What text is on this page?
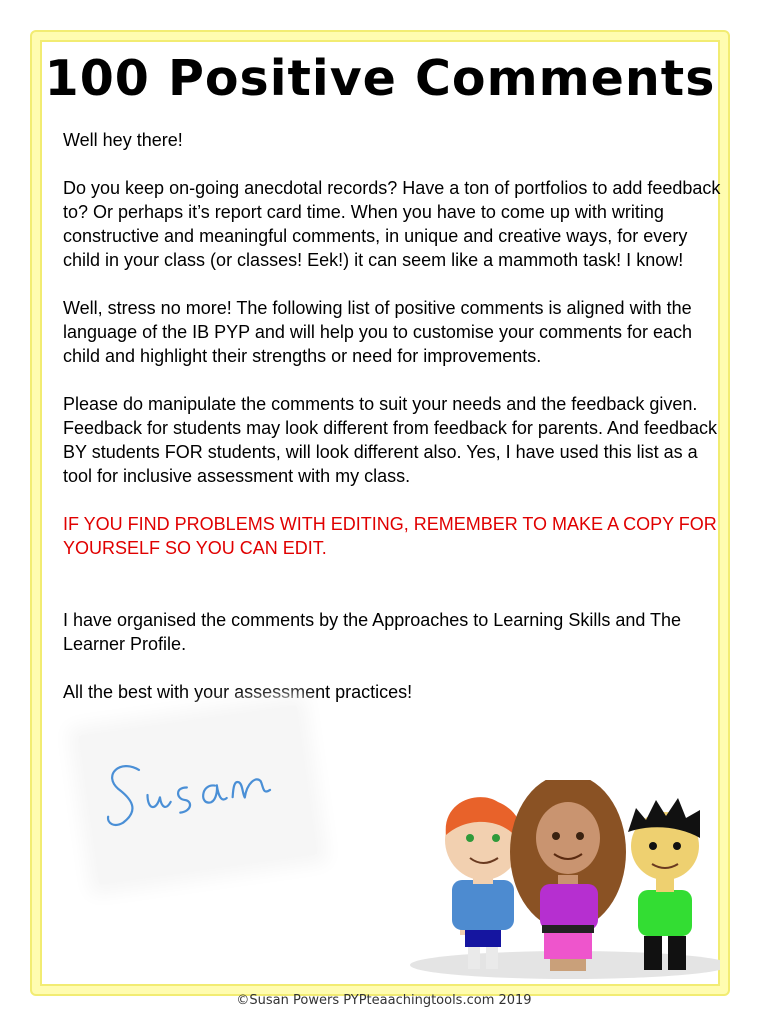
100 Positive Comments

Well hey there!

Do you keep on-going anecdotal records? Have a ton of portfolios to add feedback to? Or perhaps it’s report card time. When you have to come up with writing constructive and meaningful comments, in unique and creative ways, for every child in your class (or classes! Eek!) it can seem like a mammoth task! I know!

Well, stress no more! The following list of positive comments is aligned with the language of the IB PYP and will help you to customise your comments for each child and highlight their strengths or need for improvements.

Please do manipulate the comments to suit your needs and the feedback given. Feedback for students may look different from feedback for parents. And feedback BY students FOR students, will look different also. Yes, I have used this list as a tool for inclusive assessment with my class.

IF YOU FIND PROBLEMS WITH EDITING, REMEMBER TO MAKE A COPY FOR YOURSELF SO YOU CAN EDIT.

I have organised the comments by the Approaches to Learning Skills and The Learner Profile.

All the best with your assessment practices!

©Susan Powers PYPteaachingtools.com 2019
